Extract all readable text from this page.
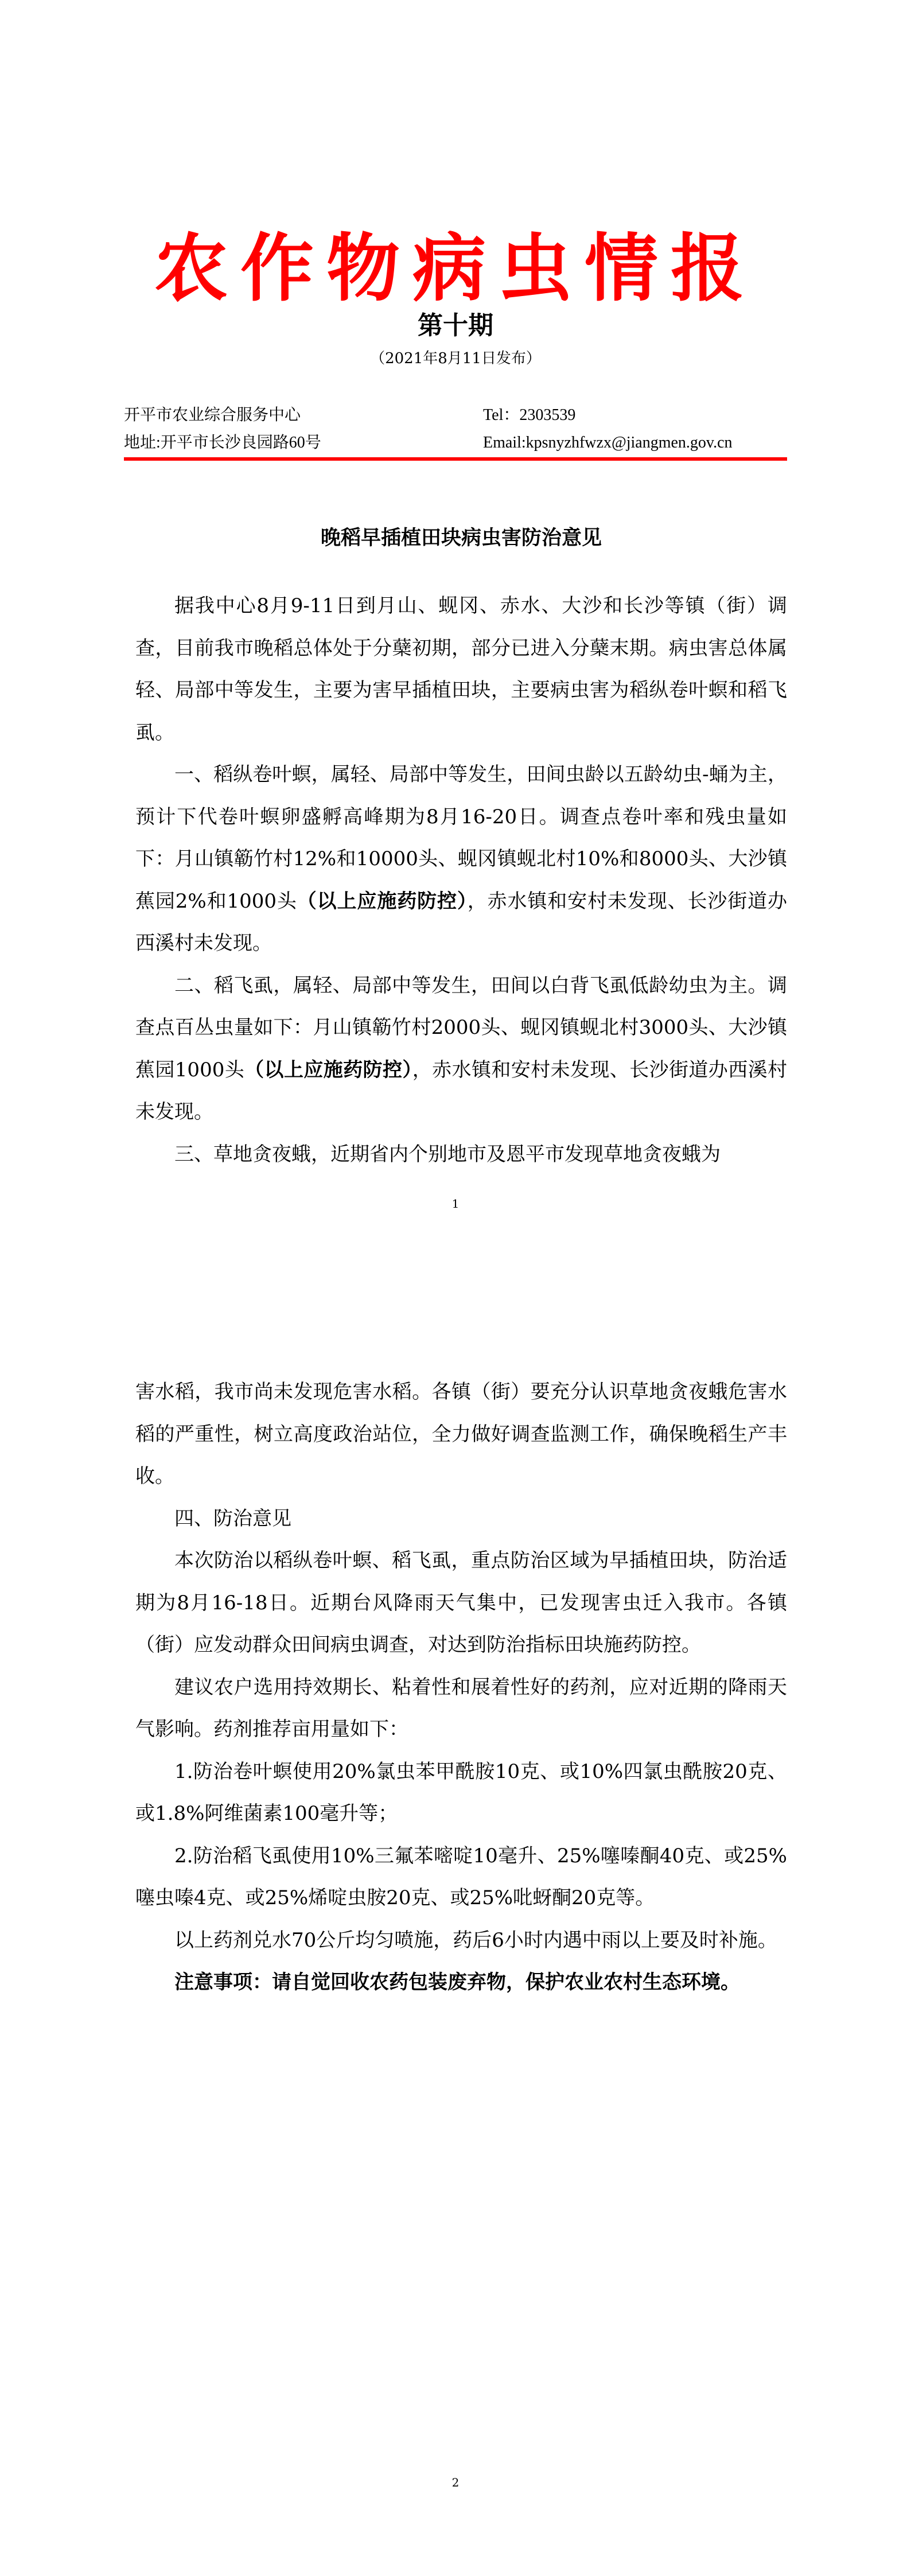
农作物病虫情报
第十期
（2021年8月11日发布）
开平市农业综合服务中心	Tel：2303539
地址:开平市长沙良园路60号	Email:kpsnyzhfwzx@jiangmen.gov.cn
晚稻早插植田块病虫害防治意见

据我中心8月9-11日到月山、蚬冈、赤水、大沙和长沙等镇（街）调查，目前我市晚稻总体处于分蘖初期，部分已进入分蘖末期。病虫害总体属轻、局部中等发生，主要为害早插植田块，主要病虫害为稻纵卷叶螟和稻飞虱。

一、稻纵卷叶螟，属轻、局部中等发生，田间虫龄以五龄幼虫-蛹为主，预计下代卷叶螟卵盛孵高峰期为8月16-20日。调查点卷叶率和残虫量如下：月山镇簕竹村12%和10000头、蚬冈镇蚬北村10%和8000头、大沙镇蕉园2%和1000头（以上应施药防控），赤水镇和安村未发现、长沙街道办西溪村未发现。

二、稻飞虱，属轻、局部中等发生，田间以白背飞虱低龄幼虫为主。调查点百丛虫量如下：月山镇簕竹村2000头、蚬冈镇蚬北村3000头、大沙镇蕉园1000头（以上应施药防控），赤水镇和安村未发现、长沙街道办西溪村未发现。

三、草地贪夜蛾，近期省内个别地市及恩平市发现草地贪夜蛾为

1

害水稻，我市尚未发现危害水稻。各镇（街）要充分认识草地贪夜蛾危害水稻的严重性，树立高度政治站位，全力做好调查监测工作，确保晚稻生产丰收。

四、防治意见

本次防治以稻纵卷叶螟、稻飞虱，重点防治区域为早插植田块，防治适期为8月16-18日。近期台风降雨天气集中，已发现害虫迁入我市。各镇（街）应发动群众田间病虫调查，对达到防治指标田块施药防控。

建议农户选用持效期长、粘着性和展着性好的药剂，应对近期的降雨天气影响。药剂推荐亩用量如下：

1.防治卷叶螟使用20%氯虫苯甲酰胺10克、或10%四氯虫酰胺20克、或1.8%阿维菌素100毫升等；

2.防治稻飞虱使用10%三氟苯嘧啶10毫升、25%噻嗪酮40克、或25%噻虫嗪4克、或25%烯啶虫胺20克、或25%吡蚜酮20克等。

以上药剂兑水70公斤均匀喷施，药后6小时内遇中雨以上要及时补施。

注意事项：请自觉回收农药包装废弃物，保护农业农村生态环境。

2
